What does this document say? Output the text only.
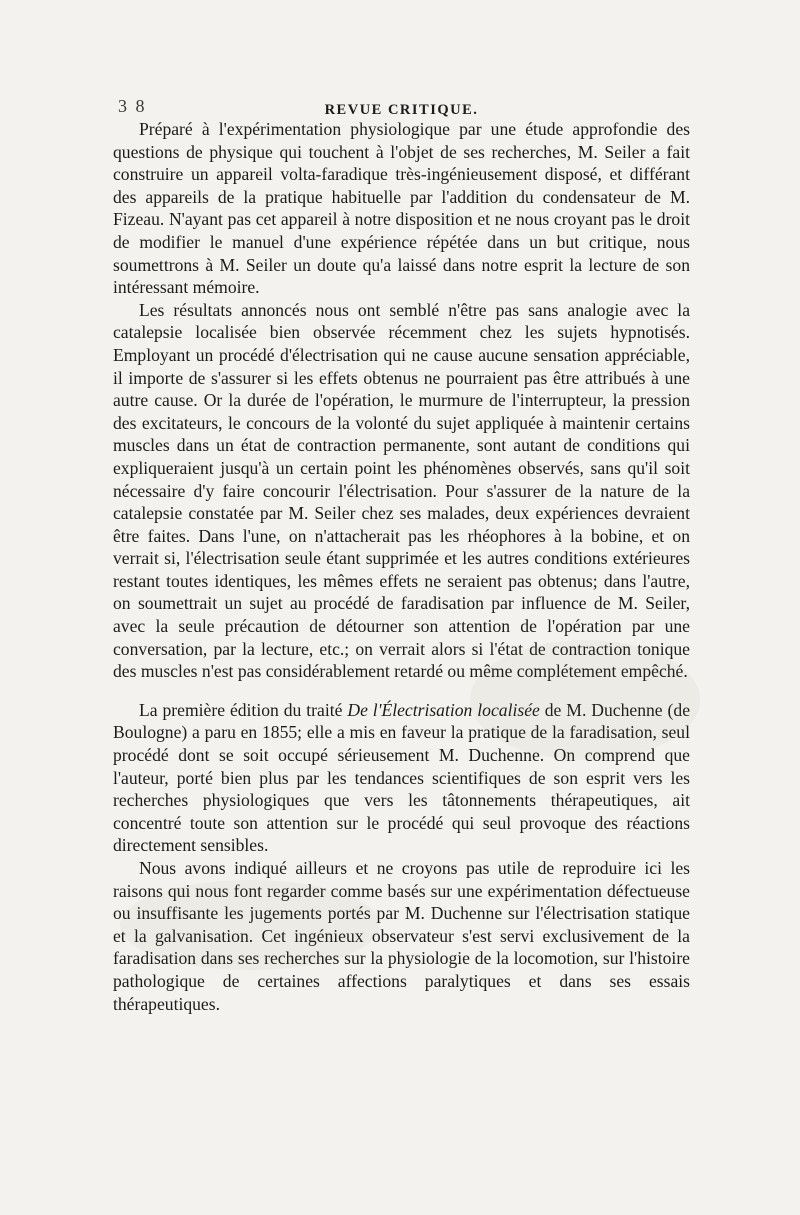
3 8	REVUE CRITIQUE.

Préparé à l'expérimentation physiologique par une étude approfondie des questions de physique qui touchent à l'objet de ses recherches, M. Seiler a fait construire un appareil volta-faradique très-ingénieusement disposé, et différant des appareils de la pratique habituelle par l'addition du condensateur de M. Fizeau. N'ayant pas cet appareil à notre disposition et ne nous croyant pas le droit de modifier le manuel d'une expérience répétée dans un but critique, nous soumettrons à M. Seiler un doute qu'a laissé dans notre esprit la lecture de son intéressant mémoire.

Les résultats annoncés nous ont semblé n'être pas sans analogie avec la catalepsie localisée bien observée récemment chez les sujets hypnotisés. Employant un procédé d'électrisation qui ne cause aucune sensation appréciable, il importe de s'assurer si les effets obtenus ne pourraient pas être attribués à une autre cause. Or la durée de l'opération, le murmure de l'interrupteur, la pression des excitateurs, le concours de la volonté du sujet appliquée à maintenir certains muscles dans un état de contraction permanente, sont autant de conditions qui expliqueraient jusqu'à un certain point les phénomènes observés, sans qu'il soit nécessaire d'y faire concourir l'électrisation. Pour s'assurer de la nature de la catalepsie constatée par M. Seiler chez ses malades, deux expériences devraient être faites. Dans l'une, on n'attacherait pas les rhéophores à la bobine, et on verrait si, l'électrisation seule étant supprimée et les autres conditions extérieures restant toutes identiques, les mêmes effets ne seraient pas obtenus; dans l'autre, on soumettrait un sujet au procédé de faradisation par influence de M. Seiler, avec la seule précaution de détourner son attention de l'opération par une conversation, par la lecture, etc.; on verrait alors si l'état de contraction tonique des muscles n'est pas considérablement retardé ou même complétement empêché.

La première édition du traité De l'Électrisation localisée de M. Duchenne (de Boulogne) a paru en 1855; elle a mis en faveur la pratique de la faradisation, seul procédé dont se soit occupé sérieusement M. Duchenne. On comprend que l'auteur, porté bien plus par les tendances scientifiques de son esprit vers les recherches physiologiques que vers les tâtonnements thérapeutiques, ait concentré toute son attention sur le procédé qui seul provoque des réactions directement sensibles.

Nous avons indiqué ailleurs et ne croyons pas utile de reproduire ici les raisons qui nous font regarder comme basés sur une expérimentation défectueuse ou insuffisante les jugements portés par M. Duchenne sur l'électrisation statique et la galvanisation. Cet ingénieux observateur s'est servi exclusivement de la faradisation dans ses recherches sur la physiologie de la locomotion, sur l'histoire pathologique de certaines affections paralytiques et dans ses essais thérapeutiques.
